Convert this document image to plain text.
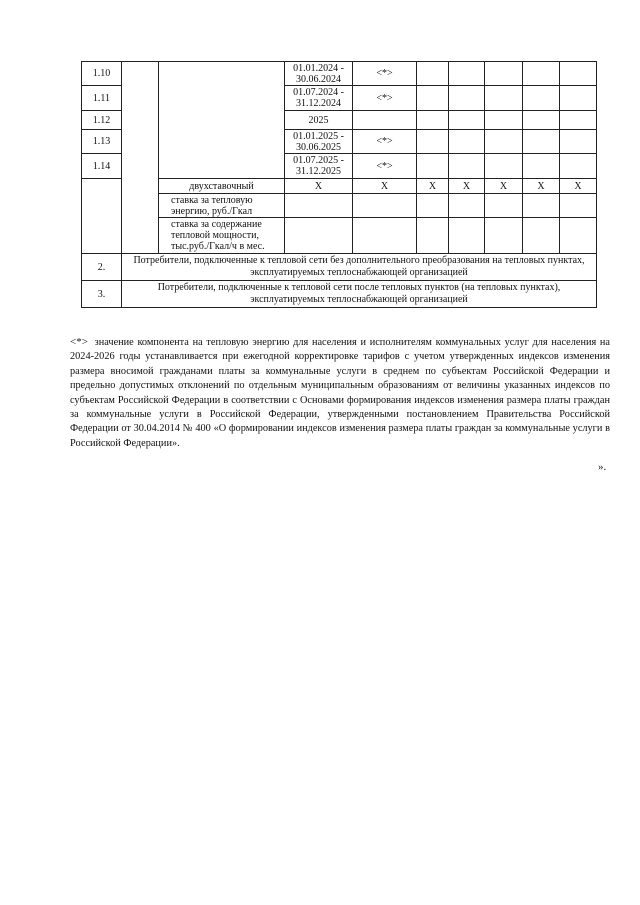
1.10			01.01.2024 - 30.06.2024	<*>					
1.11			01.07.2024 - 31.12.2024	<*>					
1.12			2025						
1.13			01.01.2025 - 30.06.2025	<*>					
1.14			01.07.2025 - 31.12.2025	<*>					
		двухставочный	X	X	X	X	X	X	X
		ставка за тепловую энергию, руб./Гкал							
		ставка за содержание тепловой мощности, тыс.руб./Гкал/ч в мес.							
2.	Потребители, подключенные к тепловой сети без дополнительного преобразования на тепловых пунктах, эксплуатируемых теплоснабжающей организацией								
3.	Потребители, подключенные к тепловой сети после тепловых пунктов (на тепловых пунктах), эксплуатируемых теплоснабжающей организацией								
<*> значение компонента на тепловую энергию для населения и исполнителям коммунальных услуг для населения на 2024-2026 годы устанавливается при ежегодной корректировке тарифов с учетом утвержденных индексов изменения размера вносимой гражданами платы за коммунальные услуги в среднем по субъектам Российской Федерации и предельно допустимых отклонений по отдельным муниципальным образованиям от величины указанных индексов по субъектам Российской Федерации в соответствии с Основами формирования индексов изменения размера платы граждан за коммунальные услуги в Российской Федерации, утвержденными постановлением Правительства Российской Федерации от 30.04.2014 № 400 «О формировании индексов изменения размера платы граждан за коммунальные услуги в Российской Федерации».
».
